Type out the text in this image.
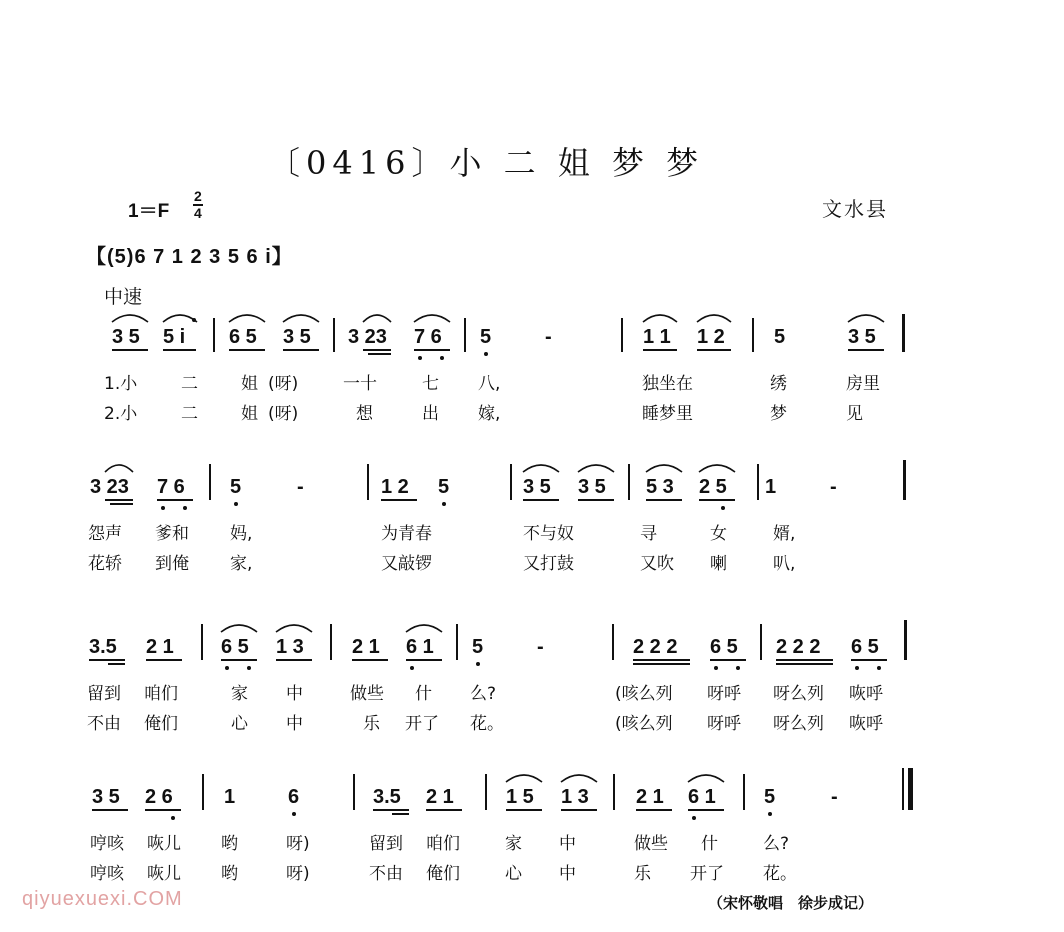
〔0416〕小 二 姐 梦 梦
1＝F
2
4	文水县
【(5)6 7 1 2 3 5 6 i】
中速
3 5 5 i 6 5 3 5 3 23 7 6 5	-	1 1 1 2 5	3 5
1.小	二	姐 (呀)	一十	七 八,	独坐在	绣	房里
2.小	二	姐 (呀)	想	出 嫁,	睡梦里	梦	见
3 23 7 6 5	-	1 2 5	3 5 3 5 5 3 2 5 1	-
怨声 爹和 妈,	为青春	不与奴	寻	女	婿,
花轿 到俺 家,	又敲锣	又打鼓	又吹 喇	叭,
3.5 2 1 6 5 1 3 2 1 6 1 5	-	2 2 2 6 5 2 2 2 6 5
留到 咱们	家 中	做些 什 么?	(咳么列 呀呼 呀么列 咴呼
不由 俺们	心 中	乐 开了 花。	(咳么列 呀呼 呀么列 咴呼
3 5 2 6	1	6	3.5 2 1	1 5 1 3 2 1 6 1 5	-
哼咳 咴儿 哟	呀)	留到 咱们	家 中	做些 什	么?
哼咳 咴儿 哟	呀)	不由 俺们	心 中	乐 开了 花。
（宋怀敬唱　徐步成记）
qiyuexuexi.COM
